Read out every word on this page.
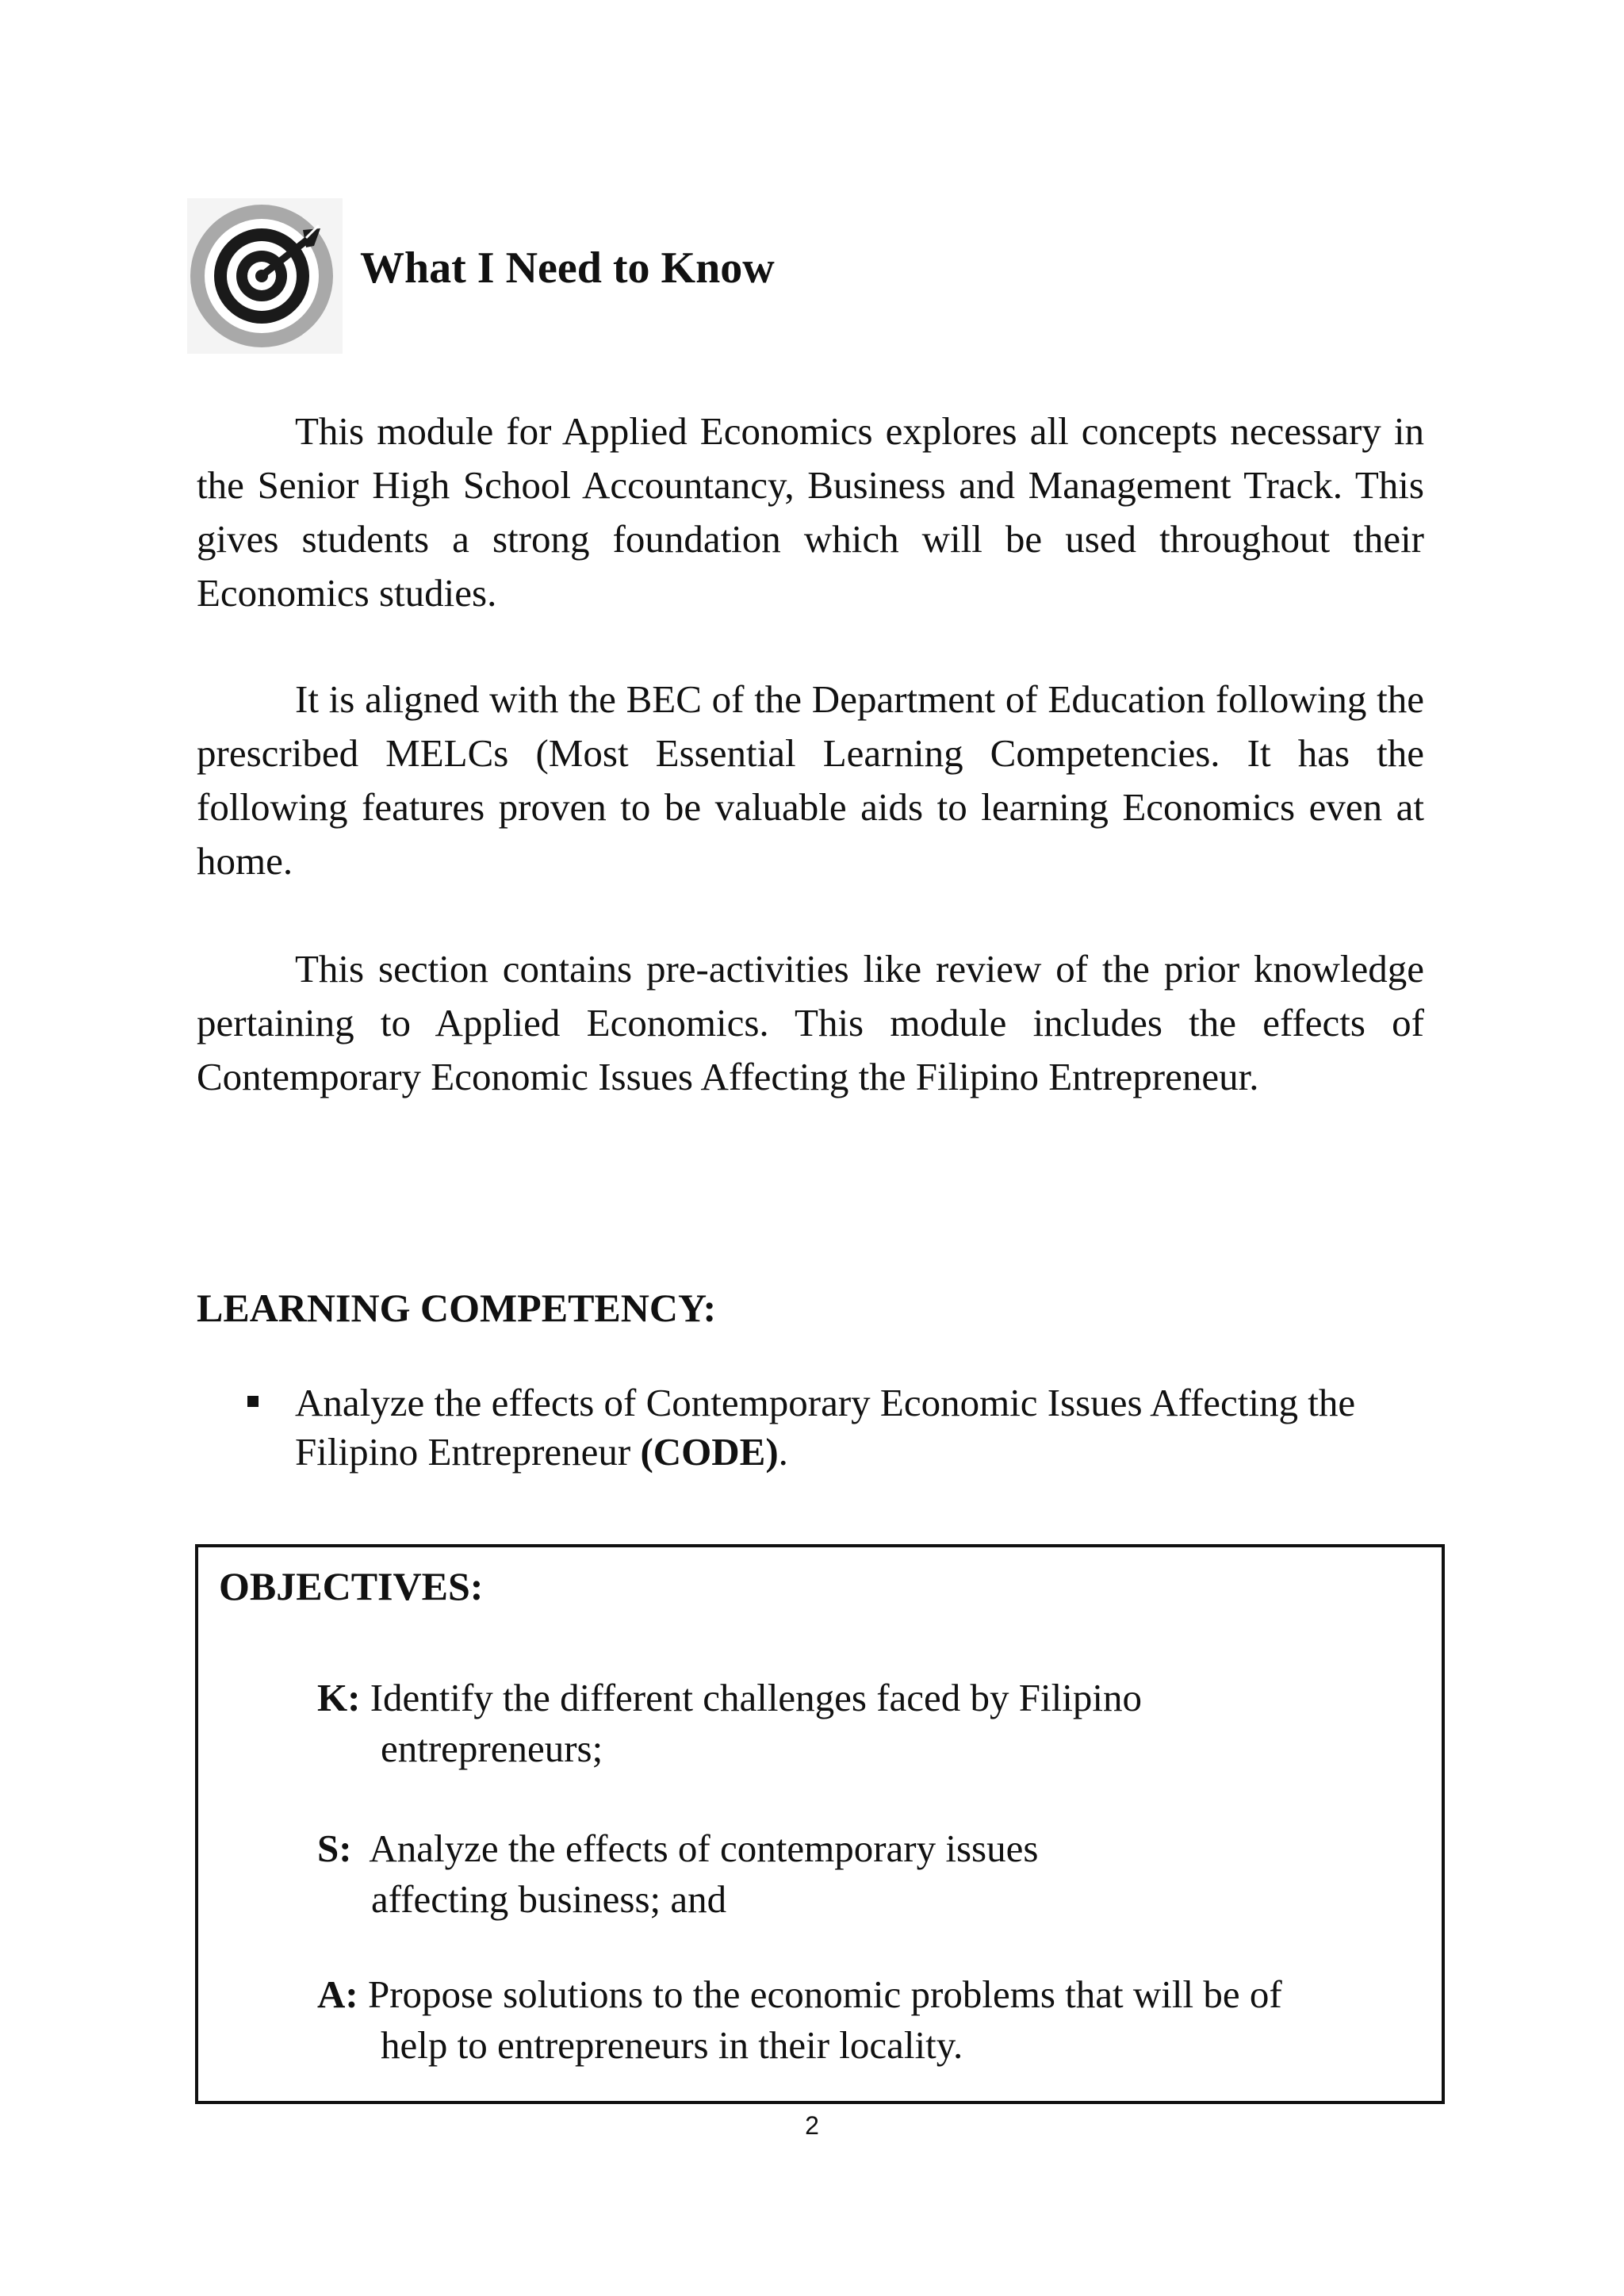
What I Need to Know

This module for Applied Economics explores all concepts necessary in the Senior High School Accountancy, Business and Management Track. This gives students a strong foundation which will be used throughout their Economics studies.

It is aligned with the BEC of the Department of Education following the prescribed MELCs (Most Essential Learning Competencies. It has the following features proven to be valuable aids to learning Economics even at home.

This section contains pre-activities like review of the prior knowledge pertaining to Applied Economics. This module includes the effects of Contemporary Economic Issues Affecting the Filipino Entrepreneur.

LEARNING COMPETENCY:
Analyze the effects of Contemporary Economic Issues Affecting the Filipino Entrepreneur (CODE).
OBJECTIVES:
K: Identify the different challenges faced by Filipino
entrepreneurs;
S: Analyze the effects of contemporary issues
affecting business; and
A: Propose solutions to the economic problems that will be of
help to entrepreneurs in their locality.
2
